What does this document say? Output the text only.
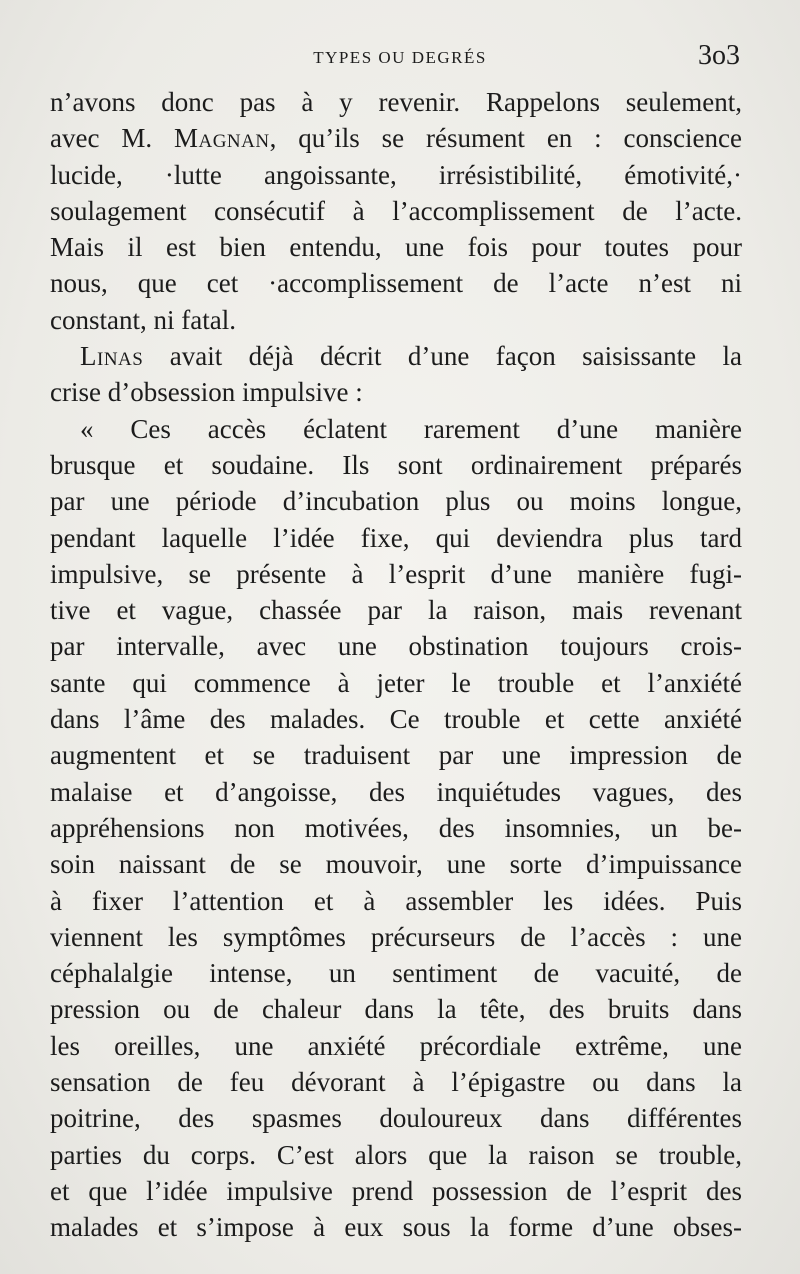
TYPES OU DEGRÉS	3o3
n’avons donc pas à y revenir. Rappelons seulement,
avec M. Magnan, qu’ils se résument en : conscience
lucide, ·lutte angoissante, irrésistibilité, émotivité,·
soulagement consécutif à l’accomplissement de l’acte.
Mais il est bien entendu, une fois pour toutes pour
nous, que cet ·accomplissement de l’acte n’est ni
constant, ni fatal.
Linas avait déjà décrit d’une façon saisissante la
crise d’obsession impulsive :
« Ces accès éclatent rarement d’une manière
brusque et soudaine. Ils sont ordinairement préparés
par une période d’incubation plus ou moins longue,
pendant laquelle l’idée fixe, qui deviendra plus tard
impulsive, se présente à l’esprit d’une manière fugi-
tive et vague, chassée par la raison, mais revenant
par intervalle, avec une obstination toujours crois-
sante qui commence à jeter le trouble et l’anxiété
dans l’âme des malades. Ce trouble et cette anxiété
augmentent et se traduisent par une impression de
malaise et d’angoisse, des inquiétudes vagues, des
appréhensions non motivées, des insomnies, un be-
soin naissant de se mouvoir, une sorte d’impuissance
à fixer l’attention et à assembler les idées. Puis
viennent les symptômes précurseurs de l’accès : une
céphalalgie intense, un sentiment de vacuité, de
pression ou de chaleur dans la tête, des bruits dans
les oreilles, une anxiété précordiale extrême, une
sensation de feu dévorant à l’épigastre ou dans la
poitrine, des spasmes douloureux dans différentes
parties du corps. C’est alors que la raison se trouble,
et que l’idée impulsive prend possession de l’esprit des
malades et s’impose à eux sous la forme d’une obses-
